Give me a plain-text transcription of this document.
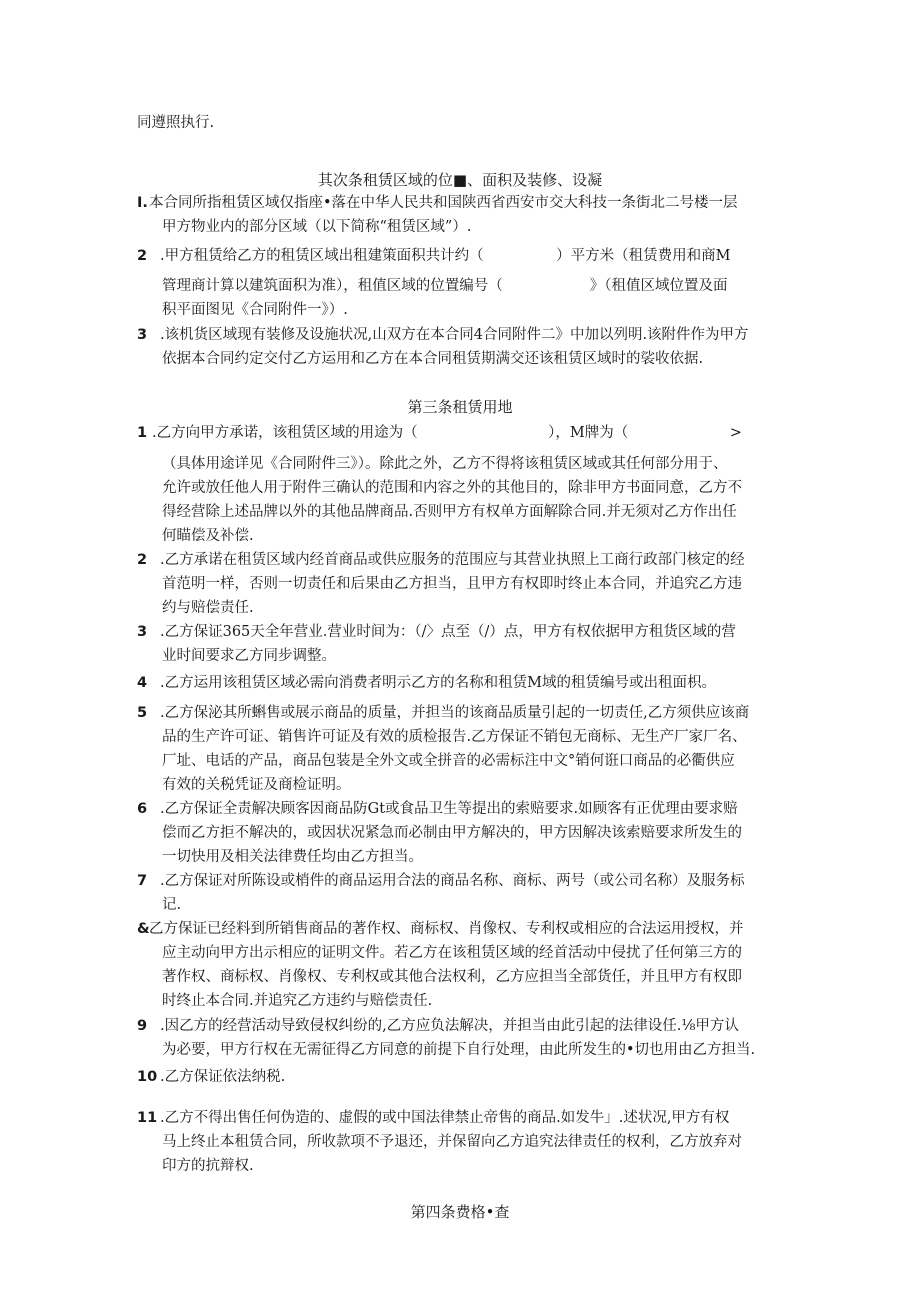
同遵照执行.
其次条租赁区域的位■、面积及装修、设凝
I. 本合同所指租赁区域仅指座•落在中华人民共和国陕西省西安市交大科技一条街北二号楼一层
甲方物业内的部分区域（以下简称“租赁区域”）.
2 .甲方租赁给乙方的租赁区域出租建策面积共计约（　　　　　）平方米（租赁费用和商M
管理商计算以建筑面积为准），租值区域的位置编号（　　　　　　》（租值区域位置及面
积平面图见《合同附件一》）.
3 .该机货区域现有装修及设施状况,山双方在本合同4合同附件二》中加以列明.该附件作为甲方
依据本合同约定交付乙方运用和乙方在本合同租赁期满交还该租赁区域时的裟收依据.
第三条租赁用地
1 .乙方向甲方承诺，该租赁区域的用途为（　　　　　　　　　），M牌为（　　　　　　　>
（具体用途详见《合同附件三》）。除此之外，乙方不得将该租赁区域或其任何部分用于、
允许或放任他人用于附件三确认的范围和内容之外的其他目的，除非甲方书面同意，乙方不
得经营除上述品牌以外的其他品牌商品.否则甲方有权单方面解除合同.并无须对乙方作出任
何瞄偿及补偿.
2 .乙方承诺在租赁区域内经首商品或供应服务的范围应与其营业执照上工商行政部门核定的经
首范明一样，否则一切责任和后果由乙方担当，且甲方有权即时终止本合同，并追究乙方违
约与赔偿责任.
3 .乙方保证365天全年营业.营业时间为：（/〉点至（/）点，甲方有权依据甲方租货区域的营
业时间要求乙方同步调整。
4 .乙方运用该租赁区域必需向消费者明示乙方的名称和租赁M域的租赁编号或出租面枳。
5 .乙方保泌其所蝌售或展示商品的质量，并担当的该商品质量引起的一切责任,乙方须供应该商
品的生产许可证、销售许可证及有效的质检报告.乙方保证不销包无商标、无生产厂家厂名、
厂址、电话的产品，商品包装是全外文或全拼音的必需标注中文°销何诳口商品的必衢供应
有效的关税凭证及商检证明。
6 .乙方保证全责解决顾客因商品防Gt或食品卫生等提出的索赔要求.如顾客有正优理由要求赔
偿而乙方拒不解决的，或因状况紧急而必制由甲方解决的，甲方因解决该索赔要求所发生的
一切快用及相关法律费任均由乙方担当。
7 .乙方保证对所陈设或梢件的商品运用合法的商品名称、商标、两号（或公司名称）及服务标
记.
& 乙方保证已经料到所销售商品的著作权、商标权、肖像权、专利权或相应的合法运用授权，并
应主动向甲方出示相应的证明文件。若乙方在该租赁区域的经首活动中侵扰了任何第三方的
著作权、商标权、肖像权、专利权或其他合法权利，乙方应担当全部货任，并且甲方有权即
时终止本合同.并追究乙方违约与赔偿责任.
9 .因乙方的经营活动导致侵权纠纷的,乙方应负法解决，并担当由此引起的法律设任.⅛甲方认
为必要，甲方行权在无需征得乙方同意的前提下自行处理，由此所发生的•切也用由乙方担当.
10 .乙方保证依法纳税.
11 .乙方不得出售任何伪造的、虚假的或中国法律禁止帝售的商品.如发牛」.述状况,甲方有权
马上终止本租赁合同，所收款项不予退还，并保留向乙方追究法律责任的权利，乙方放弃对
印方的抗辩权.
第四条费格•查
